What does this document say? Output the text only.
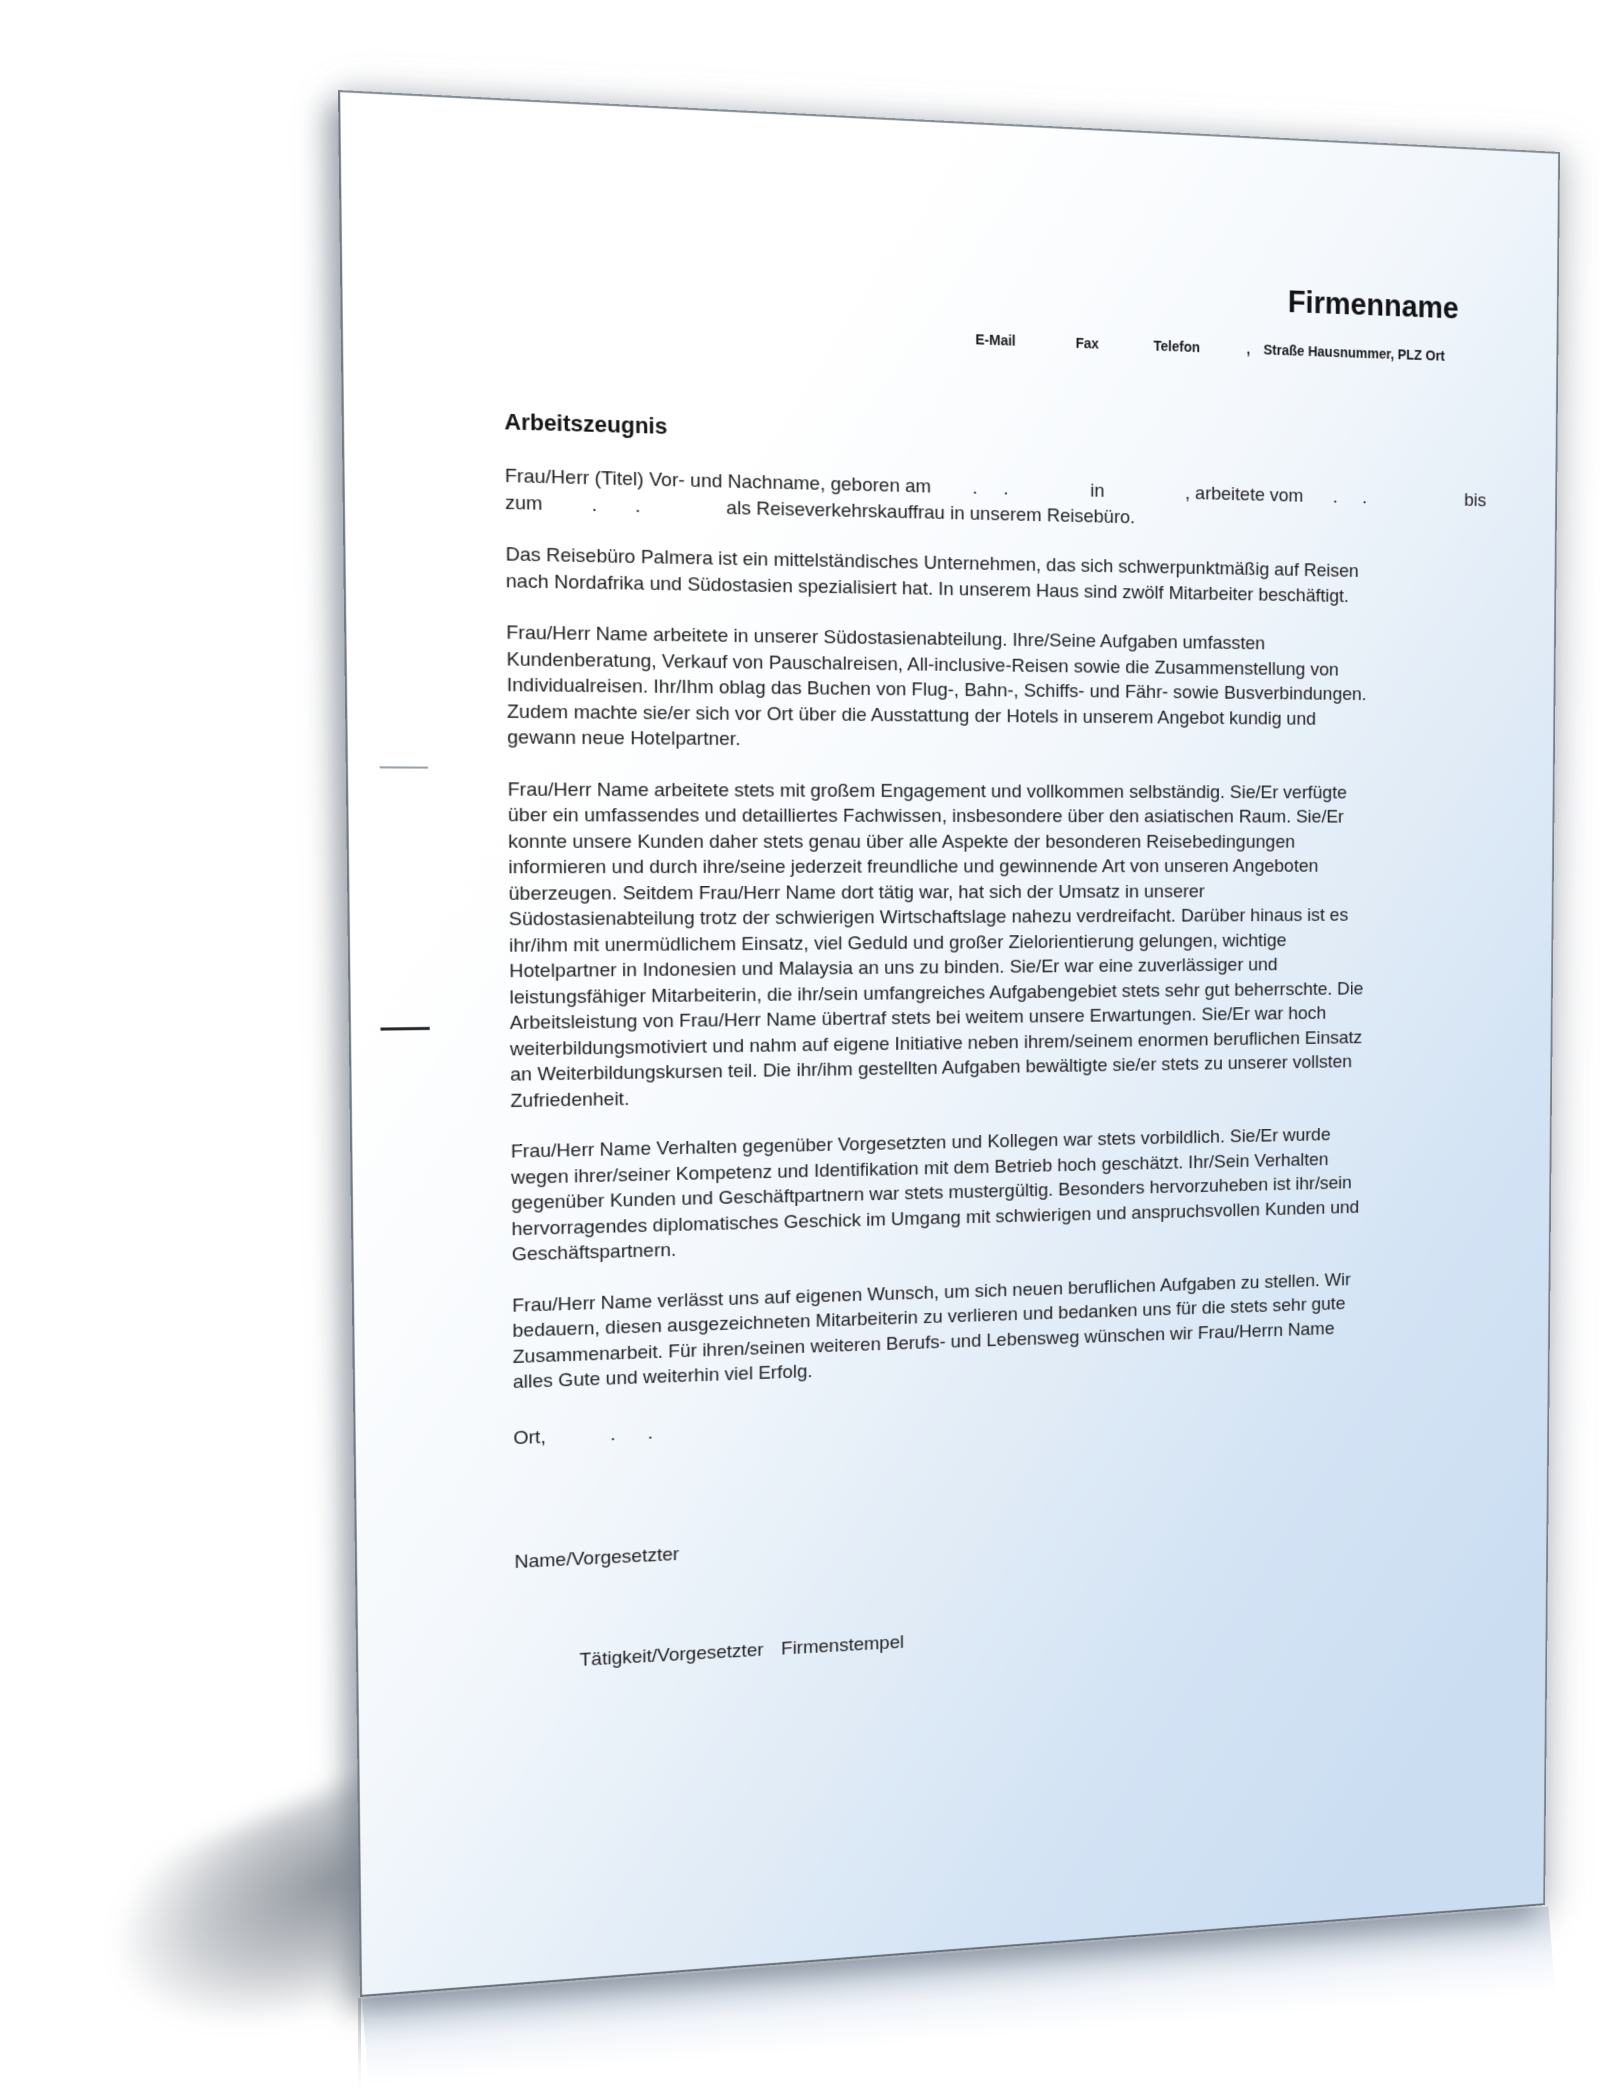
Firmenname
E-Mail	Fax	Telefon	, Straße Hausnummer, PLZ Ort
Arbeitszeugnis

Frau/Herr (Titel) Vor- und Nachname, geboren am        .     .                in                , arbeitete vom      .     .                    bis
zum         .       .                als Reiseverkehrskauffrau in unserem Reisebüro.

Das Reisebüro Palmera ist ein mittelständisches Unternehmen, das sich schwerpunktmäßig auf Reisen
nach Nordafrika und Südostasien spezialisiert hat. In unserem Haus sind zwölf Mitarbeiter beschäftigt.

Frau/Herr Name arbeitete in unserer Südostasienabteilung. Ihre/Seine Aufgaben umfassten
Kundenberatung, Verkauf von Pauschalreisen, All-inclusive-Reisen sowie die Zusammenstellung von
Individualreisen. Ihr/Ihm oblag das Buchen von Flug-, Bahn-, Schiffs- und Fähr- sowie Busverbindungen.
Zudem machte sie/er sich vor Ort über die Ausstattung der Hotels in unserem Angebot kundig und
gewann neue Hotelpartner.

Frau/Herr Name arbeitete stets mit großem Engagement und vollkommen selbständig. Sie/Er verfügte
über ein umfassendes und detailliertes Fachwissen, insbesondere über den asiatischen Raum. Sie/Er
konnte unsere Kunden daher stets genau über alle Aspekte der besonderen Reisebedingungen
informieren und durch ihre/seine jederzeit freundliche und gewinnende Art von unseren Angeboten
überzeugen. Seitdem Frau/Herr Name dort tätig war, hat sich der Umsatz in unserer
Südostasienabteilung trotz der schwierigen Wirtschaftslage nahezu verdreifacht. Darüber hinaus ist es
ihr/ihm mit unermüdlichem Einsatz, viel Geduld und großer Zielorientierung gelungen, wichtige
Hotelpartner in Indonesien und Malaysia an uns zu binden. Sie/Er war eine zuverlässiger und
leistungsfähiger Mitarbeiterin, die ihr/sein umfangreiches Aufgabengebiet stets sehr gut beherrschte. Die
Arbeitsleistung von Frau/Herr Name übertraf stets bei weitem unsere Erwartungen. Sie/Er war hoch
weiterbildungsmotiviert und nahm auf eigene Initiative neben ihrem/seinem enormen beruflichen Einsatz
an Weiterbildungskursen teil. Die ihr/ihm gestellten Aufgaben bewältigte sie/er stets zu unserer vollsten
Zufriedenheit.

Frau/Herr Name Verhalten gegenüber Vorgesetzten und Kollegen war stets vorbildlich. Sie/Er wurde
wegen ihrer/seiner Kompetenz und Identifikation mit dem Betrieb hoch geschätzt. Ihr/Sein Verhalten
gegenüber Kunden und Geschäftpartnern war stets mustergültig. Besonders hervorzuheben ist ihr/sein
hervorragendes diplomatisches Geschick im Umgang mit schwierigen und anspruchsvollen Kunden und
Geschäftspartnern.

Frau/Herr Name verlässt uns auf eigenen Wunsch, um sich neuen beruflichen Aufgaben zu stellen. Wir
bedauern, diesen ausgezeichneten Mitarbeiterin zu verlieren und bedanken uns für die stets sehr gute
Zusammenarbeit. Für ihren/seinen weiteren Berufs- und Lebensweg wünschen wir Frau/Herrn Name
alles Gute und weiterhin viel Erfolg.

Ort,            .      .

Name/Vorgesetzter

Tätigkeit/Vorgesetzter Firmenstempel
